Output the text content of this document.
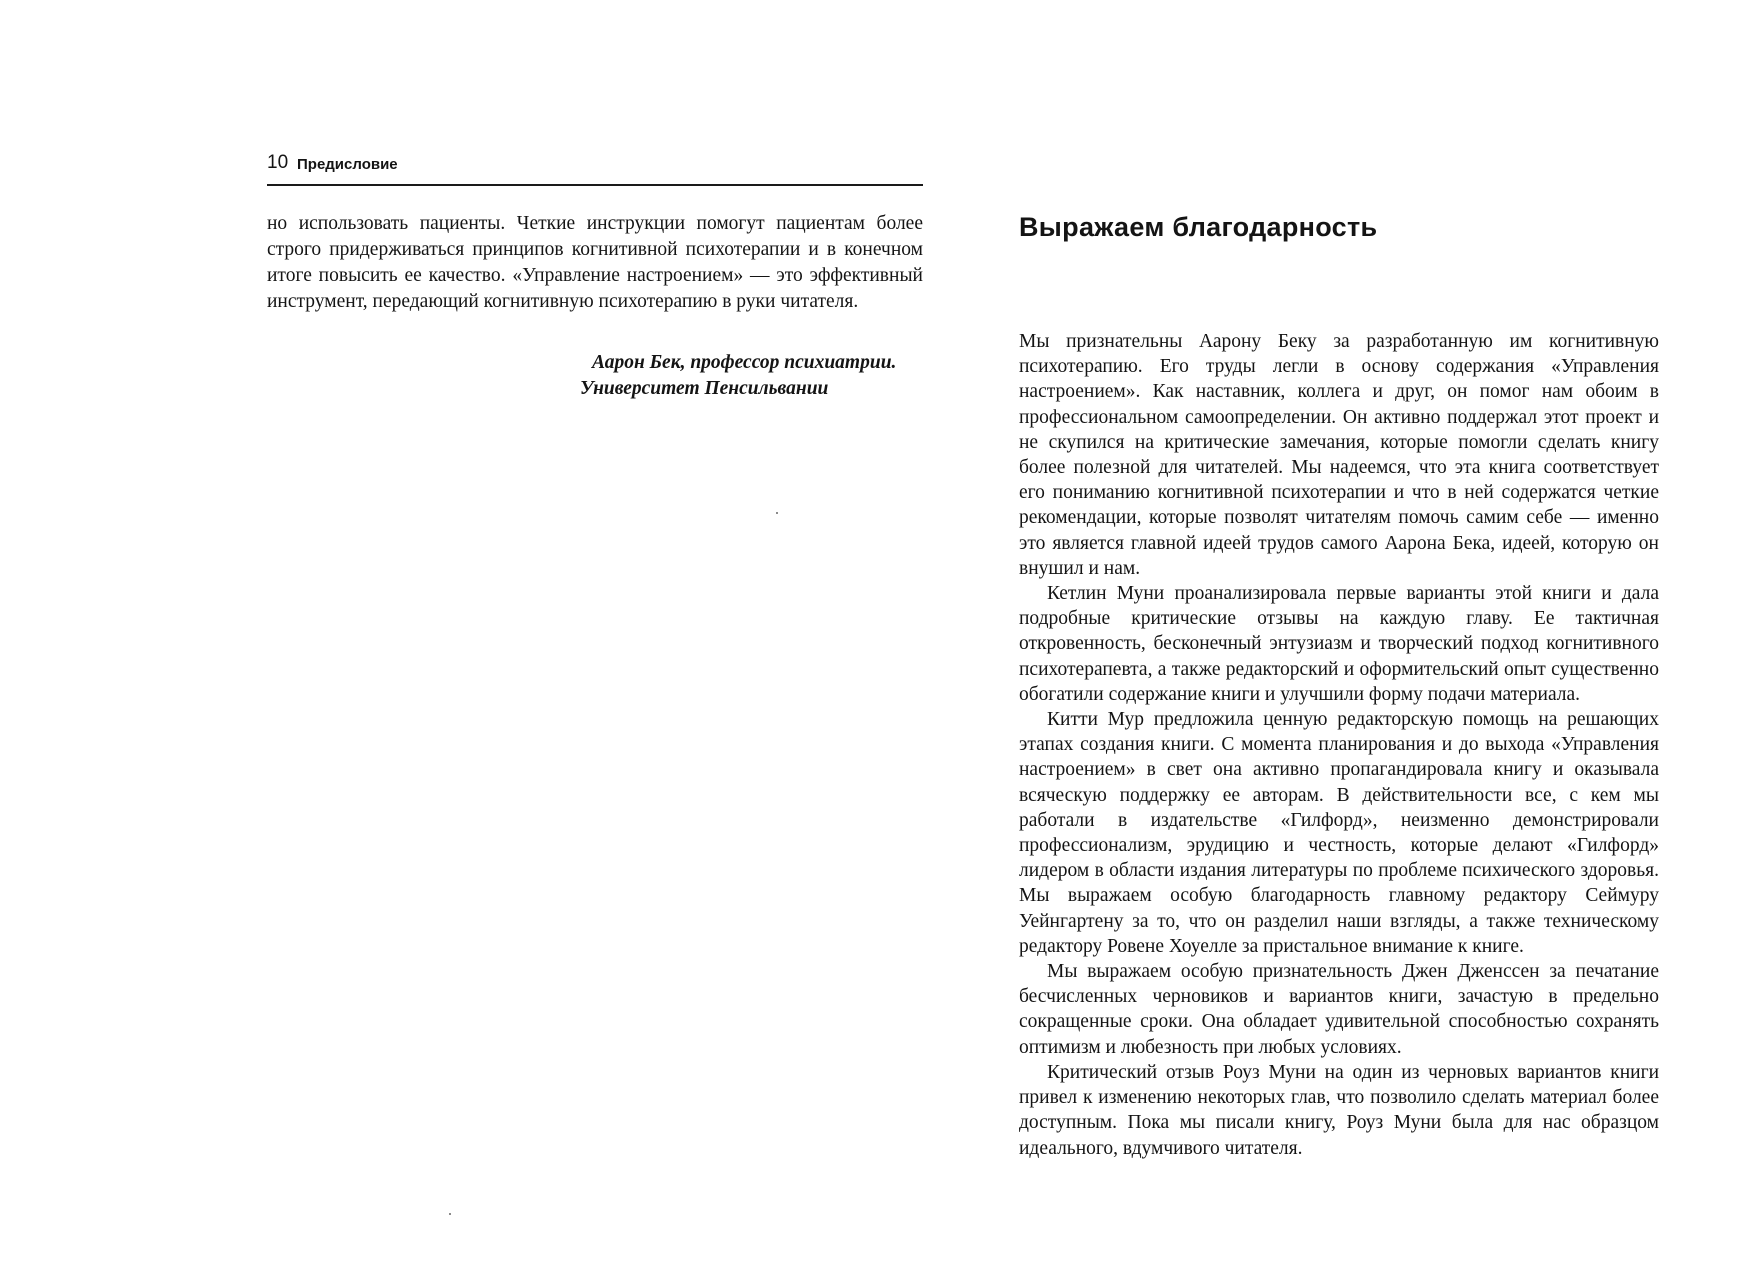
10 Предисловие

но использовать пациенты. Четкие инструкции помогут пациентам более строго придерживаться принципов когнитивной психотерапии и в конечном итоге повысить ее качество. «Управление настроением» — это эффективный инструмент, передающий когнитивную психотерапию в руки читателя.

Аарон Бек, профессор психиатрии.
Университет Пенсильвании
Выражаем благодарность

Мы признательны Аарону Беку за разработанную им когнитивную психотерапию. Его труды легли в основу содержания «Управления настроением». Как наставник, коллега и друг, он помог нам обоим в профессиональном самоопределении. Он активно поддержал этот проект и не скупился на критические замечания, которые помогли сделать книгу более полезной для читателей. Мы надеемся, что эта книга соответствует его пониманию когнитивной психотерапии и что в ней содержатся четкие рекомендации, которые позволят читателям помочь самим себе — именно это является главной идеей трудов самого Аарона Бека, идеей, которую он внушил и нам.

Кетлин Муни проанализировала первые варианты этой книги и дала подробные критические отзывы на каждую главу. Ее тактичная откровенность, бесконечный энтузиазм и творческий подход когнитивного психотерапевта, а также редакторский и оформительский опыт существенно обогатили содержание книги и улучшили форму подачи материала.

Китти Мур предложила ценную редакторскую помощь на решающих этапах создания книги. С момента планирования и до выхода «Управления настроением» в свет она активно пропагандировала книгу и оказывала всяческую поддержку ее авторам. В действительности все, с кем мы работали в издательстве «Гилфорд», неизменно демонстрировали профессионализм, эрудицию и честность, которые делают «Гилфорд» лидером в области издания литературы по проблеме психического здоровья. Мы выражаем особую благодарность главному редактору Сеймуру Уейнгартену за то, что он разделил наши взгляды, а также техническому редактору Ровене Хоуелле за пристальное внимание к книге.

Мы выражаем особую признательность Джен Дженссен за печатание бесчисленных черновиков и вариантов книги, зачастую в предельно сокращенные сроки. Она обладает удивительной способностью сохранять оптимизм и любезность при любых условиях.

Критический отзыв Роуз Муни на один из черновых вариантов книги привел к изменению некоторых глав, что позволило сделать материал более доступным. Пока мы писали книгу, Роуз Муни была для нас образцом идеального, вдумчивого читателя.
